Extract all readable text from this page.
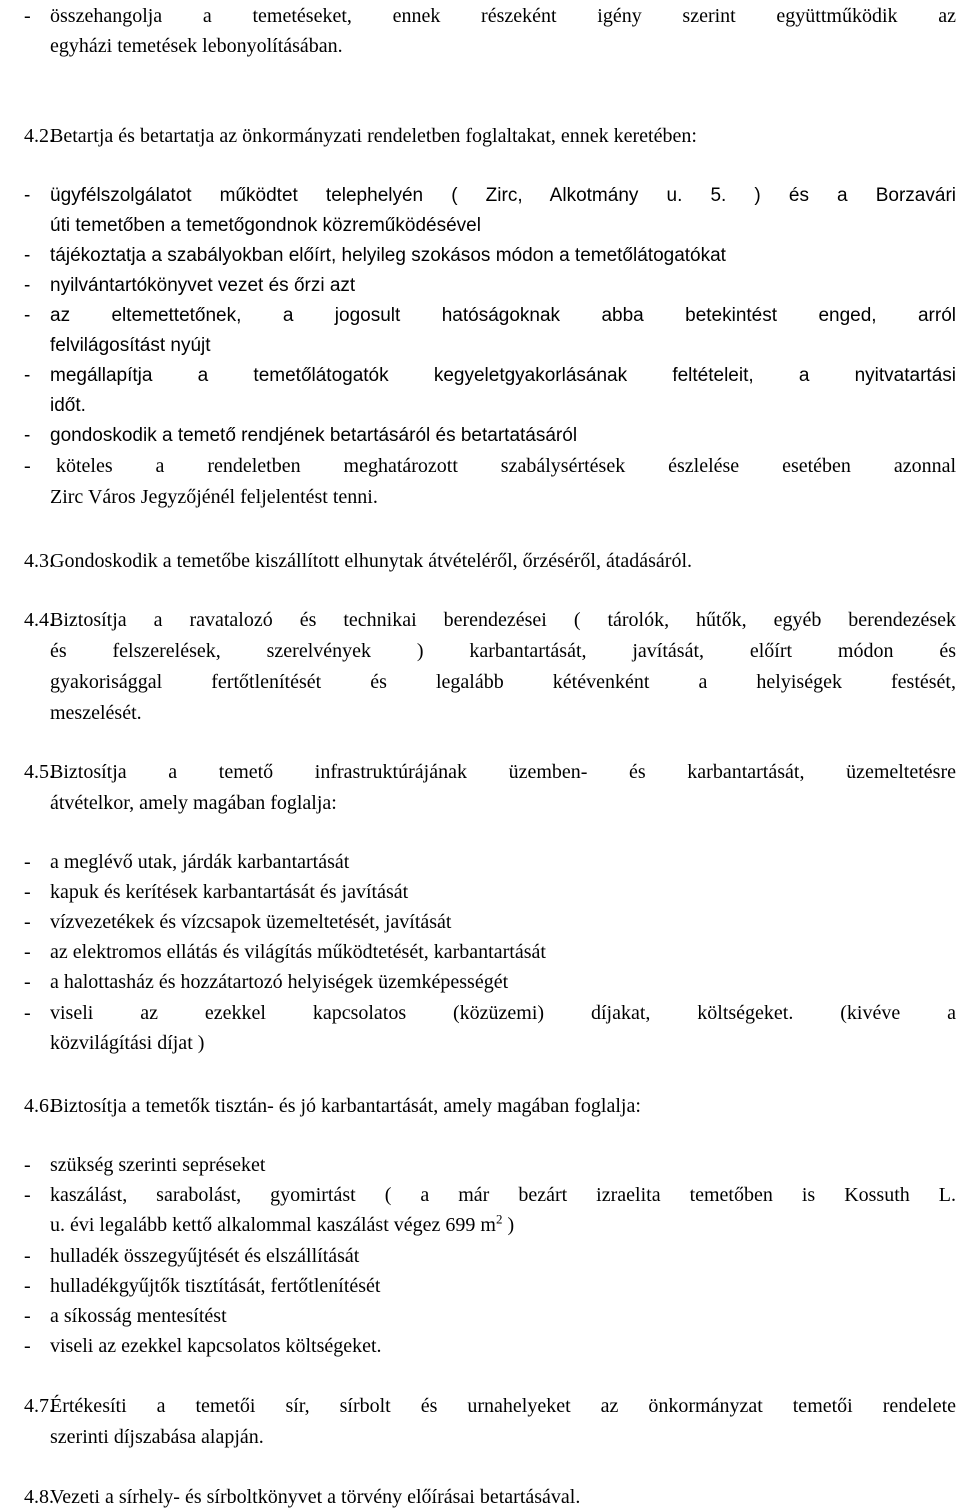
- összehangolja a temetéseket, ennek részeként igény szerint együttműködik az
egyházi temetések lebonyolításában.
4.2.
Betartja és betartatja az önkormányzati rendeletben foglaltakat, ennek keretében:
- ügyfélszolgálatot működtet telephelyén ( Zirc, Alkotmány u. 5. ) és a Borzavári
úti temetőben a temetőgondnok közreműködésével
- tájékoztatja a szabályokban előírt, helyileg szokásos módon a temetőlátogatókat
- nyilvántartókönyvet vezet és őrzi azt
- az eltemettetőnek, a jogosult hatóságoknak abba betekintést enged, arról
felvilágosítást nyújt
- megállapítja a temetőlátogatók kegyeletgyakorlásának feltételeit, a nyitvatartási
időt.
- gondoskodik a temető rendjének betartásáról és betartatásáról
- köteles a rendeletben meghatározott szabálysértések észlelése esetében azonnal
Zirc Város Jegyzőjénél feljelentést tenni.
4.3.
Gondoskodik a temetőbe kiszállított elhunytak átvételéről, őrzéséről, átadásáról.
4.4.
Biztosítja a ravatalozó és technikai berendezései ( tárolók, hűtők, egyéb berendezések
és felszerelések, szerelvények ) karbantartását, javítását, előírt módon és
gyakorisággal fertőtlenítését és legalább kétévenként a helyiségek festését,
meszelését.
4.5.
Biztosítja a temető infrastruktúrájának üzemben- és karbantartását, üzemeltetésre
átvételkor, amely magában foglalja:
- a meglévő utak, járdák karbantartását
- kapuk és kerítések karbantartását és javítását
- vízvezetékek és vízcsapok üzemeltetését, javítását
- az elektromos ellátás és világítás működtetését, karbantartását
- a halottasház és hozzátartozó helyiségek üzemképességét
- viseli az ezekkel kapcsolatos (közüzemi) díjakat, költségeket. (kivéve a
közvilágítási díjat )
4.6.
Biztosítja a temetők tisztán- és jó karbantartását, amely magában foglalja:
- szükség szerinti sepréseket
- kaszálást, sarabolást, gyomirtást ( a már bezárt izraelita temetőben is Kossuth L.
u. évi legalább kettő alkalommal kaszálást végez 699 $m^2$ )
- hulladék összegyűjtését és elszállítását
- hulladékgyűjtők tisztítását, fertőtlenítését
- a síkosság mentesítést
- viseli az ezekkel kapcsolatos költségeket.
4.7.
Értékesíti a temetői sír, sírbolt és urnahelyeket az önkormányzat temetői rendelete
szerinti díjszabása alapján.
4.8.
Vezeti a sírhely- és sírboltkönyvet a törvény előírásai betartásával.
